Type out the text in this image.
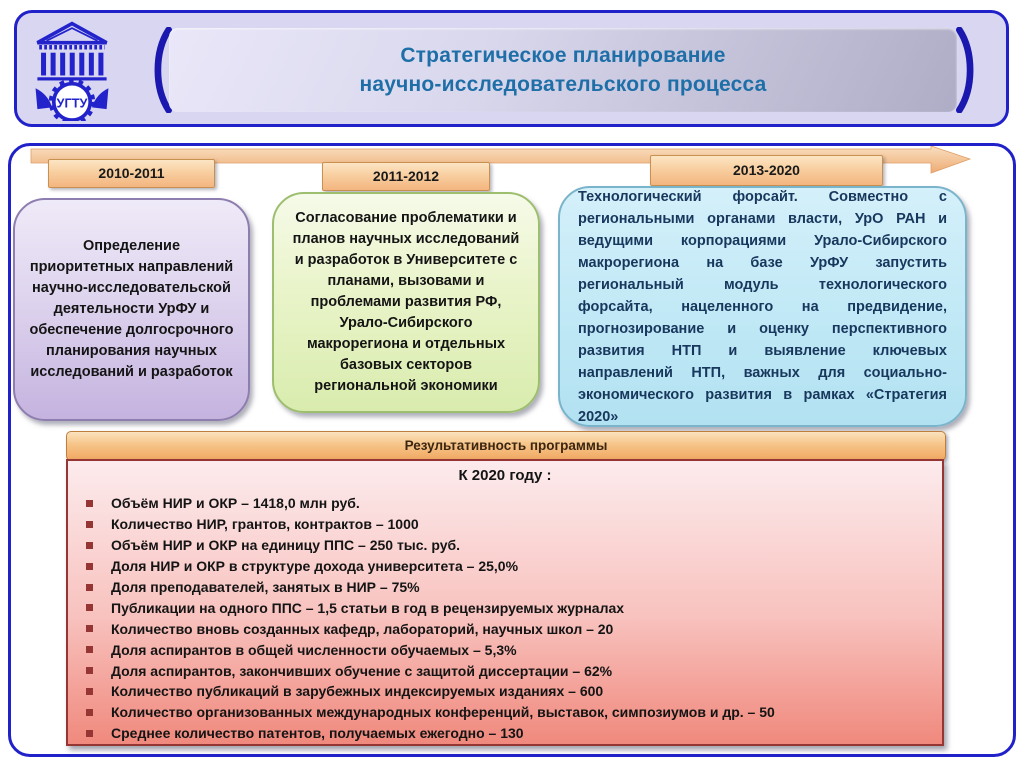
УГТУ
Стратегическое планирование
научно-исследовательского процесса
2010-2011	2011-2012	2013-2020
Определение приоритетных направлений научно-исследовательской деятельности УрФУ и обеспечение долгосрочного планирования научных исследований и разработок
Согласование проблематики и планов научных исследований и разработок в Университете с планами, вызовами и проблемами развития РФ, Урало-Сибирского макрорегиона и отдельных базовых секторов региональной экономики
Технологический форсайт. Совместно с региональными органами власти, УрО РАН и ведущими корпорациями Урало-Сибирского макрорегиона на базе УрФУ запустить региональный модуль технологического форсайта, нацеленного на предвидение, прогнозирование и оценку перспективного развития НТП и выявление ключевых направлений НТП, важных для социально-экономического развития в рамках «Стратегия 2020»
Результативность программы
К 2020 году :
Объём НИР и ОКР – 1418,0 млн руб.
Количество НИР, грантов, контрактов – 1000
Объём НИР и ОКР на единицу ППС – 250 тыс. руб.
Доля НИР и ОКР в структуре дохода университета – 25,0%
Доля преподавателей, занятых в НИР – 75%
Публикации на одного ППС – 1,5 статьи в год в рецензируемых журналах
Количество вновь созданных кафедр, лабораторий, научных школ – 20
Доля аспирантов в общей численности обучаемых – 5,3%
Доля аспирантов, закончивших обучение с защитой диссертации – 62%
Количество публикаций в зарубежных индексируемых изданиях – 600
Количество организованных международных конференций, выставок, симпозиумов и др. – 50
Среднее количество патентов, получаемых ежегодно – 130
